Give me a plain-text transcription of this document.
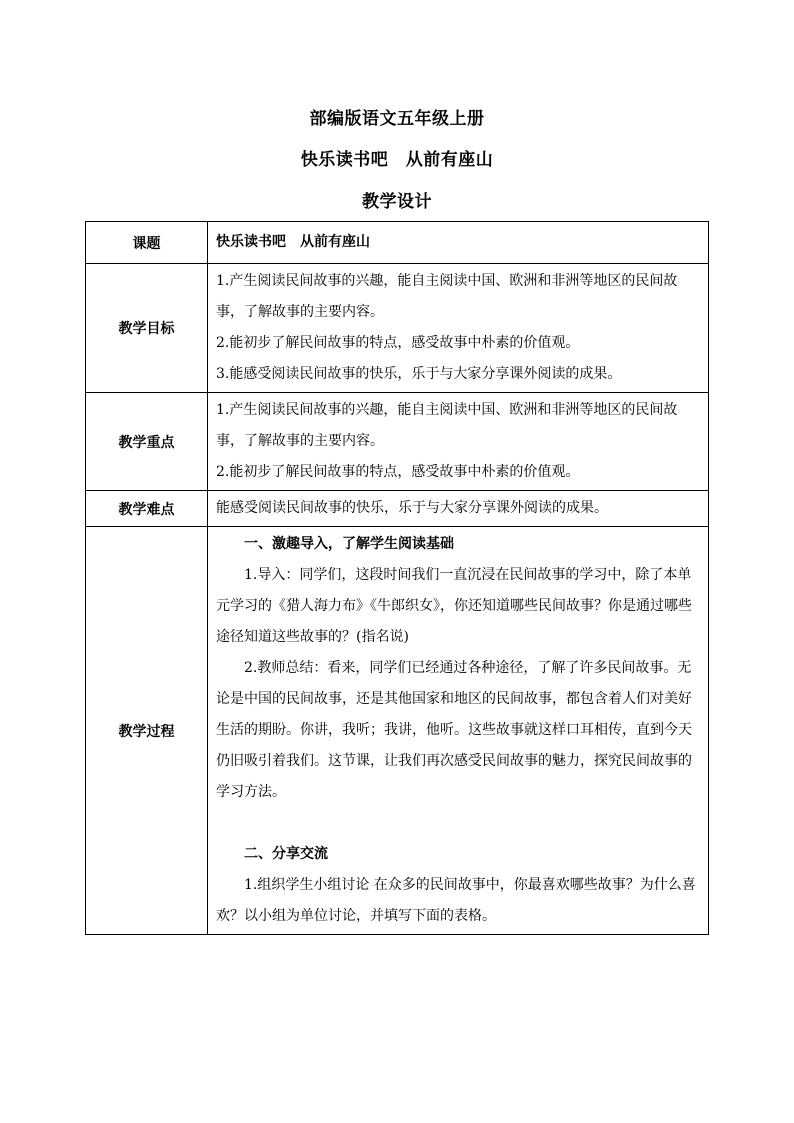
部编版语文五年级上册
快乐读书吧　从前有座山
教学设计
课题	快乐读书吧　从前有座山
教学目标	1.产生阅读民间故事的兴趣，能自主阅读中国、欧洲和非洲等地区的民间故事，了解故事的主要内容。

2.能初步了解民间故事的特点，感受故事中朴素的价值观。

3.能感受阅读民间故事的快乐，乐于与大家分享课外阅读的成果。

教学重点	1.产生阅读民间故事的兴趣，能自主阅读中国、欧洲和非洲等地区的民间故事，了解故事的主要内容。

2.能初步了解民间故事的特点，感受故事中朴素的价值观。

教学难点	能感受阅读民间故事的快乐，乐于与大家分享课外阅读的成果。
教学过程	一、激趣导入，了解学生阅读基础

1.导入：同学们，这段时间我们一直沉浸在民间故事的学习中，除了本单元学习的《猎人海力布》《牛郎织女》，你还知道哪些民间故事？你是通过哪些途径知道这些故事的？(指名说)

2.教师总结：看来，同学们已经通过各种途径，了解了许多民间故事。无论是中国的民间故事，还是其他国家和地区的民间故事，都包含着人们对美好生活的期盼。你讲，我听；我讲，他听。这些故事就这样口耳相传，直到今天仍旧吸引着我们。这节课，让我们再次感受民间故事的魅力，探究民间故事的学习方法。

二、分享交流

1.组织学生小组讨论 在众多的民间故事中，你最喜欢哪些故事？为什么喜欢？以小组为单位讨论，并填写下面的表格。
